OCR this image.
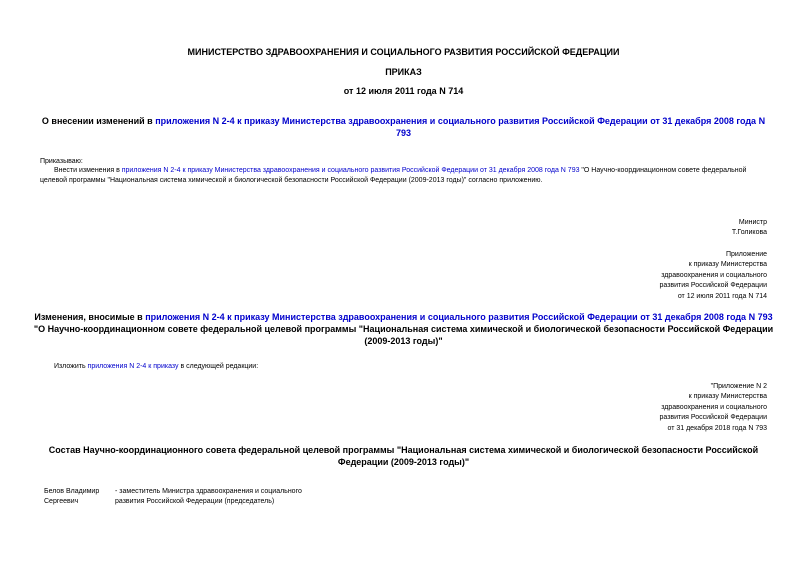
МИНИСТЕРСТВО ЗДРАВООХРАНЕНИЯ И СОЦИАЛЬНОГО РАЗВИТИЯ РОССИЙСКОЙ ФЕДЕРАЦИИ
ПРИКАЗ
от 12 июля 2011 года N 714
О внесении изменений в приложения N 2-4 к приказу Министерства здравоохранения и социального развития Российской Федерации от 31 декабря 2008 года N 793
Приказываю:
Внести изменения в приложения N 2-4 к приказу Министерства здравоохранения и социального развития Российской Федерации от 31 декабря 2008 года N 793 "О Научно-координационном совете федеральной целевой программы "Национальная система химической и биологической безопасности Российской Федерации (2009-2013 годы)" согласно приложению.
Министр
Т.Голикова
Приложение
к приказу Министерства
здравоохранения и социального
развития Российской Федерации
от 12 июля 2011 года N 714
Изменения, вносимые в приложения N 2-4 к приказу Министерства здравоохранения и социального развития Российской Федерации от 31 декабря 2008 года N 793 "О Научно-координационном совете федеральной целевой программы "Национальная система химической и биологической безопасности Российской Федерации (2009-2013 годы)"
Изложить приложения N 2-4 к приказу в следующей редакции:
"Приложение N 2
к приказу Министерства
здравоохранения и социального
развития Российской Федерации
от 31 декабря 2018 года N 793
Состав Научно-координационного совета федеральной целевой программы "Национальная система химической и биологической безопасности Российской Федерации (2009-2013 годы)"
Белов Владимир Сергеевич
- заместитель Министра здравоохранения и социального развития Российской Федерации (председатель)
